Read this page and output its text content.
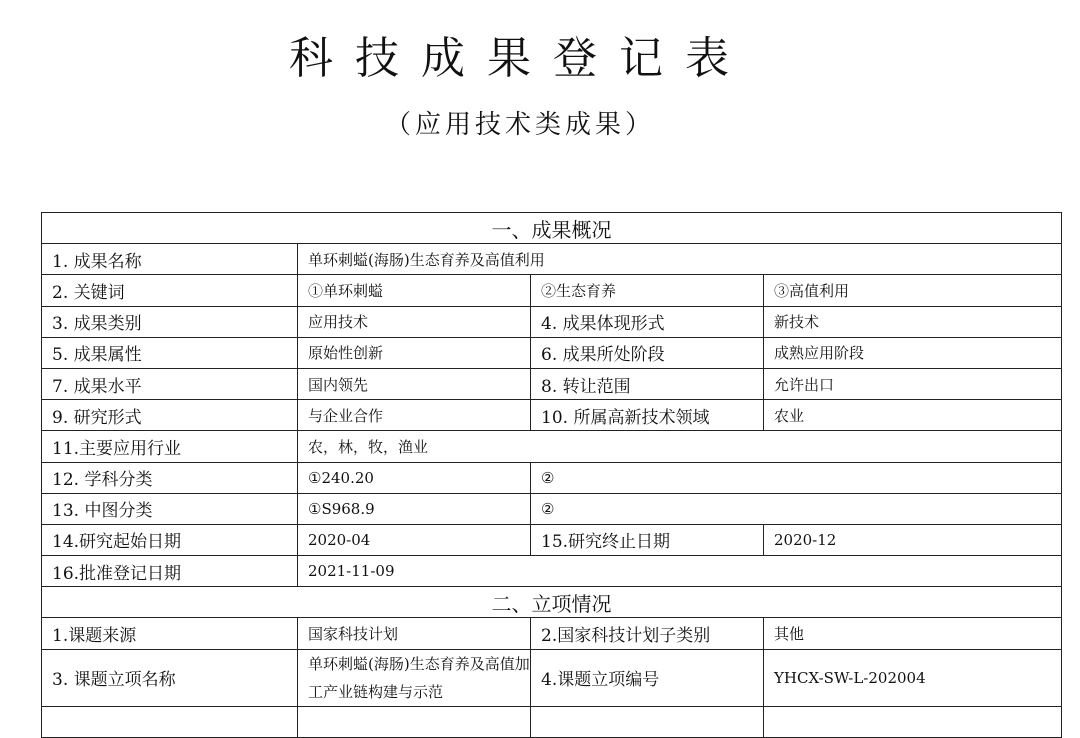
科技成果登记表
（应用技术类成果）
一、成果概况			
1. 成果名称	单环刺螠(海肠)生态育养及高值利用		
2. 关键词	①单环刺螠	②生态育养	③高值利用
3. 成果类别	应用技术	4. 成果体现形式	新技术
5. 成果属性	原始性创新	6. 成果所处阶段	成熟应用阶段
7. 成果水平	国内领先	8. 转让范围	允许出口
9. 研究形式	与企业合作	10. 所属高新技术领域	农业
11.主要应用行业	农，林，牧，渔业		
12. 学科分类	①240.20	②	
13. 中图分类	①S968.9	②	
14.研究起始日期	2020-04	15.研究终止日期	2020-12
16.批准登记日期	2021-11-09		
二、立项情况			
1.课题来源	国家科技计划	2.国家科技计划子类别	其他
3. 课题立项名称	单环刺螠(海肠)生态育养及高值加工产业链构建与示范	4.课题立项编号	YHCX-SW-L-202004
